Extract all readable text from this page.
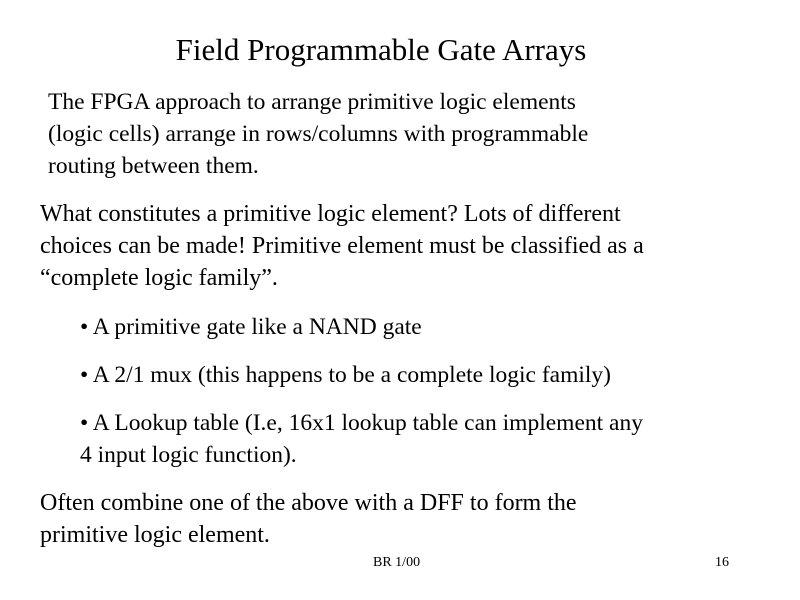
Field Programmable Gate Arrays

The FPGA approach to arrange primitive logic elements
(logic cells) arrange in rows/columns with programmable
routing between them.

What constitutes a primitive logic element? Lots of different
choices can be made! Primitive element must be classified as a
“complete logic family”.

• A primitive gate like a NAND gate

• A 2/1 mux (this happens to be a complete logic family)

• A Lookup table (I.e, 16x1 lookup table can implement any
4 input logic function).

Often combine one of the above with a DFF to form the
primitive logic element.

BR 1/00	16
